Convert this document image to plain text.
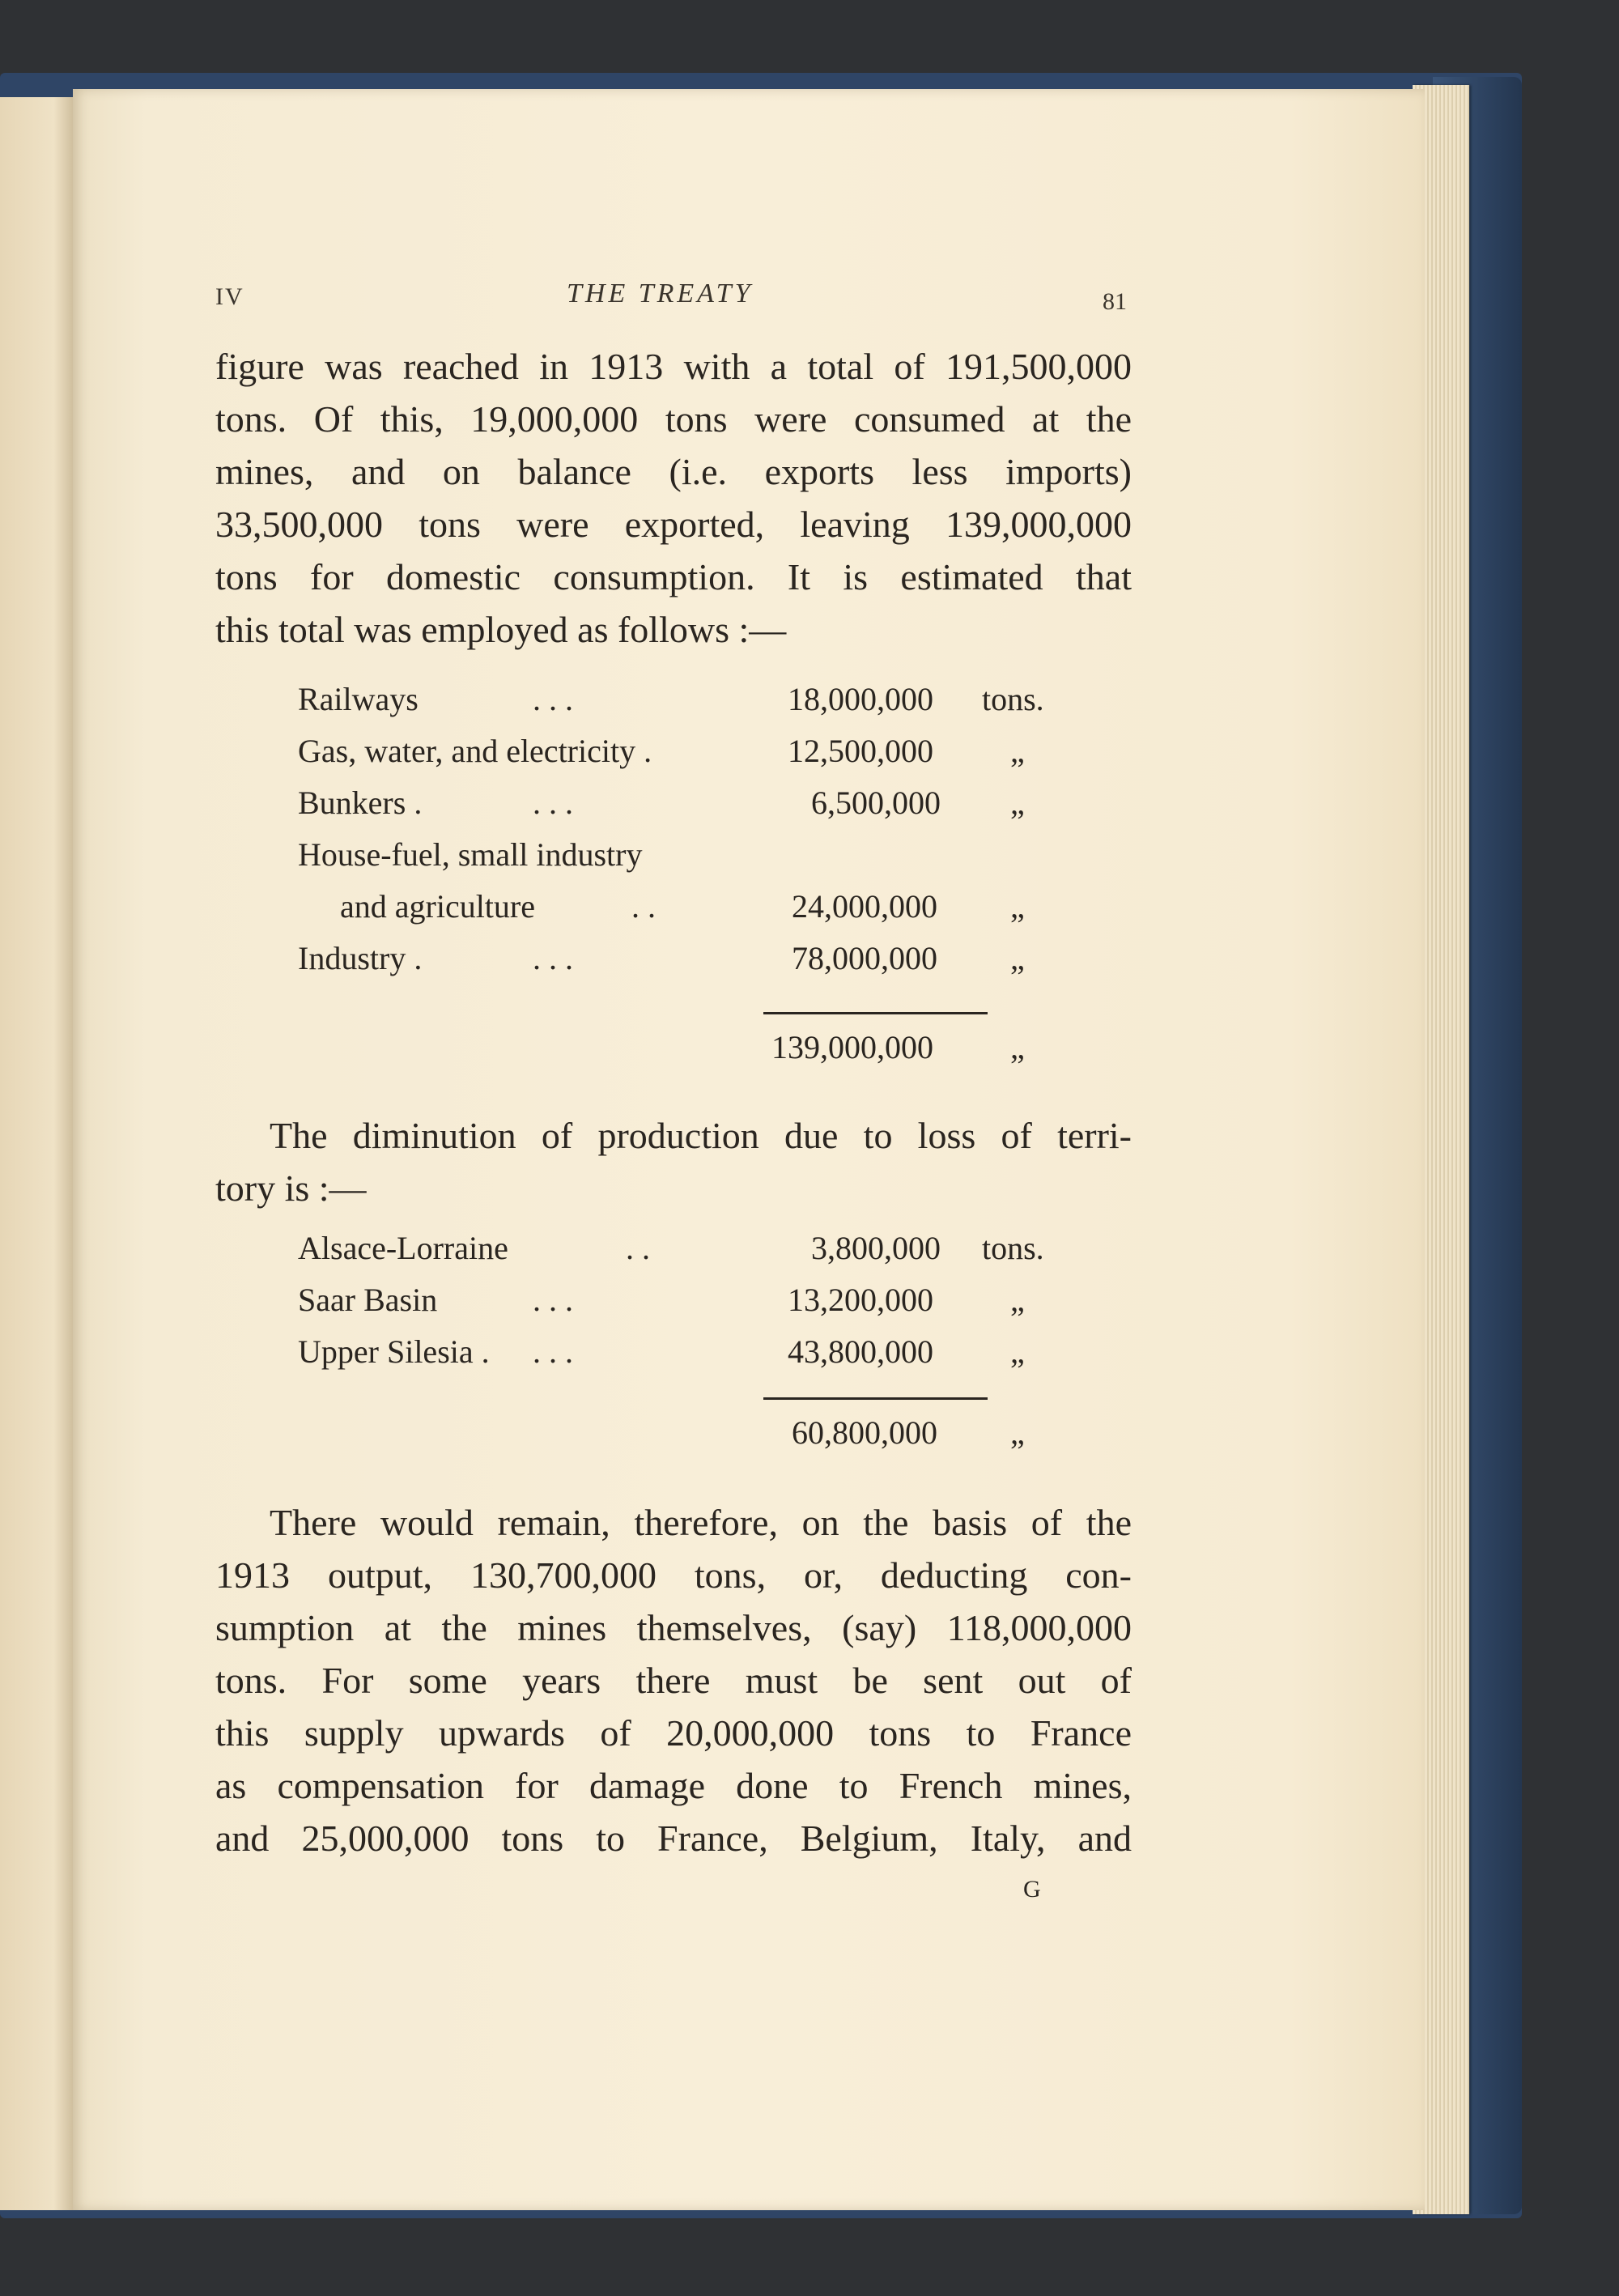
IV	THE TREATY	81

figure was reached in 1913 with a total of 191,500,000

tons. Of this, 19,000,000 tons were consumed at the

mines, and on balance (i.e. exports less imports)

33,500,000 tons were exported, leaving 139,000,000

tons for domestic consumption. It is estimated that

this total was employed as follows :—

Railways	. . .	18,000,000	tons.
Gas, water, and electricity .	12,500,000	„
Bunkers .	. . .	6,500,000	„
House-fuel, small industry
and agriculture	. .	24,000,000	„
Industry .	. . .	78,000,000	„
139,000,000	„

The diminution of production due to loss of terri-

tory is :—

Alsace-Lorraine	. .	3,800,000	tons.
Saar Basin	. . .	13,200,000	„
Upper Silesia . . . .	43,800,000	„
60,800,000	„

There would remain, therefore, on the basis of the

1913 output, 130,700,000 tons, or, deducting con-

sumption at the mines themselves, (say) 118,000,000

tons. For some years there must be sent out of

this supply upwards of 20,000,000 tons to France

as compensation for damage done to French mines,

and 25,000,000 tons to France, Belgium, Italy, and

G
